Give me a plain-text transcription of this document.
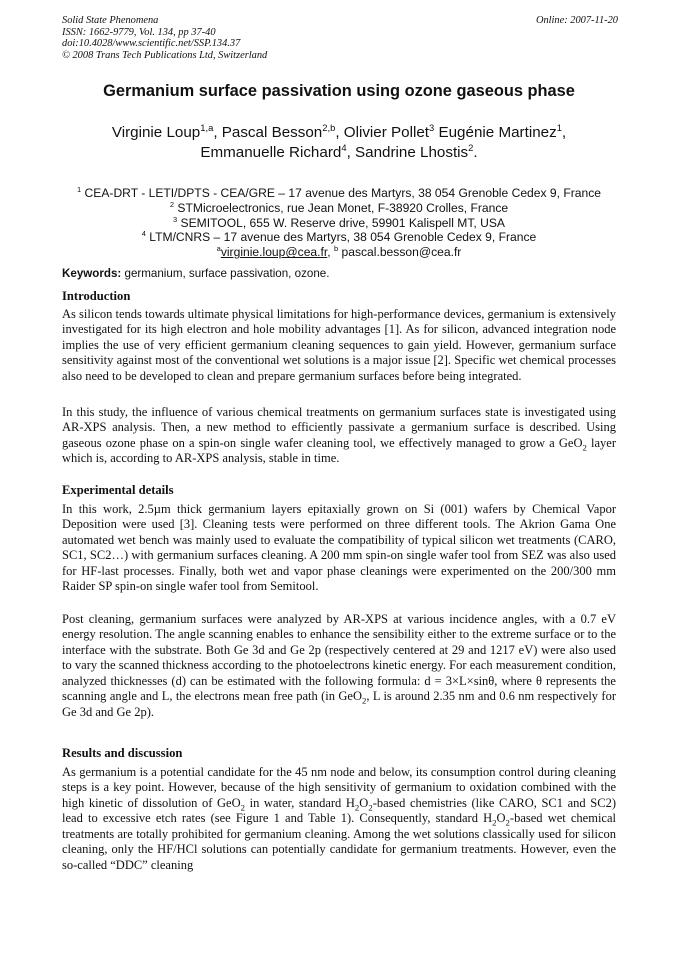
Solid State Phenomena
ISSN: 1662-9779, Vol. 134, pp 37-40
doi:10.4028/www.scientific.net/SSP.134.37
© 2008 Trans Tech Publications Ltd, Switzerland
Online: 2007-11-20
Germanium surface passivation using ozone gaseous phase
Virginie Loup$^{1,a}$, Pascal Besson$^{2,b}$, Olivier Pollet$^3$ Eugénie Martinez$^1$,
Emmanuelle Richard$^4$, Sandrine Lhostis$^2$.
$^1$ CEA-DRT - LETI/DPTS - CEA/GRE – 17 avenue des Martyrs, 38 054 Grenoble Cedex 9, France
$^2$ STMicroelectronics, rue Jean Monet, F-38920 Crolles, France
$^3$ SEMITOOL, 655 W. Reserve drive, 59901 Kalispell MT, USA
$^4$ LTM/CNRS – 17 avenue des Martyrs, 38 054 Grenoble Cedex 9, France
$^a$virginie.loup@cea.fr, $^b$ pascal.besson@cea.fr
Keywords: germanium, surface passivation, ozone.
Introduction
As silicon tends towards ultimate physical limitations for high-performance devices, germanium is extensively investigated for its high electron and hole mobility advantages [1]. As for silicon, advanced integration node implies the use of very efficient germanium cleaning sequences to gain yield. However, germanium surface sensitivity against most of the conventional wet solutions is a major issue [2]. Specific wet chemical processes also need to be developed to clean and prepare germanium surfaces before being integrated.
In this study, the influence of various chemical treatments on germanium surfaces state is investigated using AR-XPS analysis. Then, a new method to efficiently passivate a germanium surface is described. Using gaseous ozone phase on a spin-on single wafer cleaning tool, we effectively managed to grow a GeO$_2$ layer which is, according to AR-XPS analysis, stable in time.
Experimental details
In this work, 2.5µm thick germanium layers epitaxially grown on Si (001) wafers by Chemical Vapor Deposition were used [3]. Cleaning tests were performed on three different tools. The Akrion Gama One automated wet bench was mainly used to evaluate the compatibility of typical silicon wet treatments (CARO, SC1, SC2…) with germanium surfaces cleaning. A 200 mm spin-on single wafer tool from SEZ was also used for HF-last processes. Finally, both wet and vapor phase cleanings were experimented on the 200/300 mm Raider SP spin-on single wafer tool from Semitool.
Post cleaning, germanium surfaces were analyzed by AR-XPS at various incidence angles, with a 0.7 eV energy resolution. The angle scanning enables to enhance the sensibility either to the extreme surface or to the interface with the substrate. Both Ge 3d and Ge 2p (respectively centered at 29 and 1217 eV) were also used to vary the scanned thickness according to the photoelectrons kinetic energy. For each measurement condition, analyzed thicknesses (d) can be estimated with the following formula: d = 3×L×sinθ, where θ represents the scanning angle and L, the electrons mean free path (in GeO$_2$, L is around 2.35 nm and 0.6 nm respectively for Ge 3d and Ge 2p).
Results and discussion
As germanium is a potential candidate for the 45 nm node and below, its consumption control during cleaning steps is a key point. However, because of the high sensitivity of germanium to oxidation combined with the high kinetic of dissolution of GeO$_2$ in water, standard $H_2O_2$-based chemistries (like CARO, SC1 and SC2) lead to excessive etch rates (see Figure 1 and Table 1). Consequently, standard $H_2O_2$-based wet chemical treatments are totally prohibited for germanium cleaning. Among the wet solutions classically used for silicon cleaning, only the HF/HCl solutions can potentially candidate for germanium treatments. However, even the so-called “DDC” cleaning
